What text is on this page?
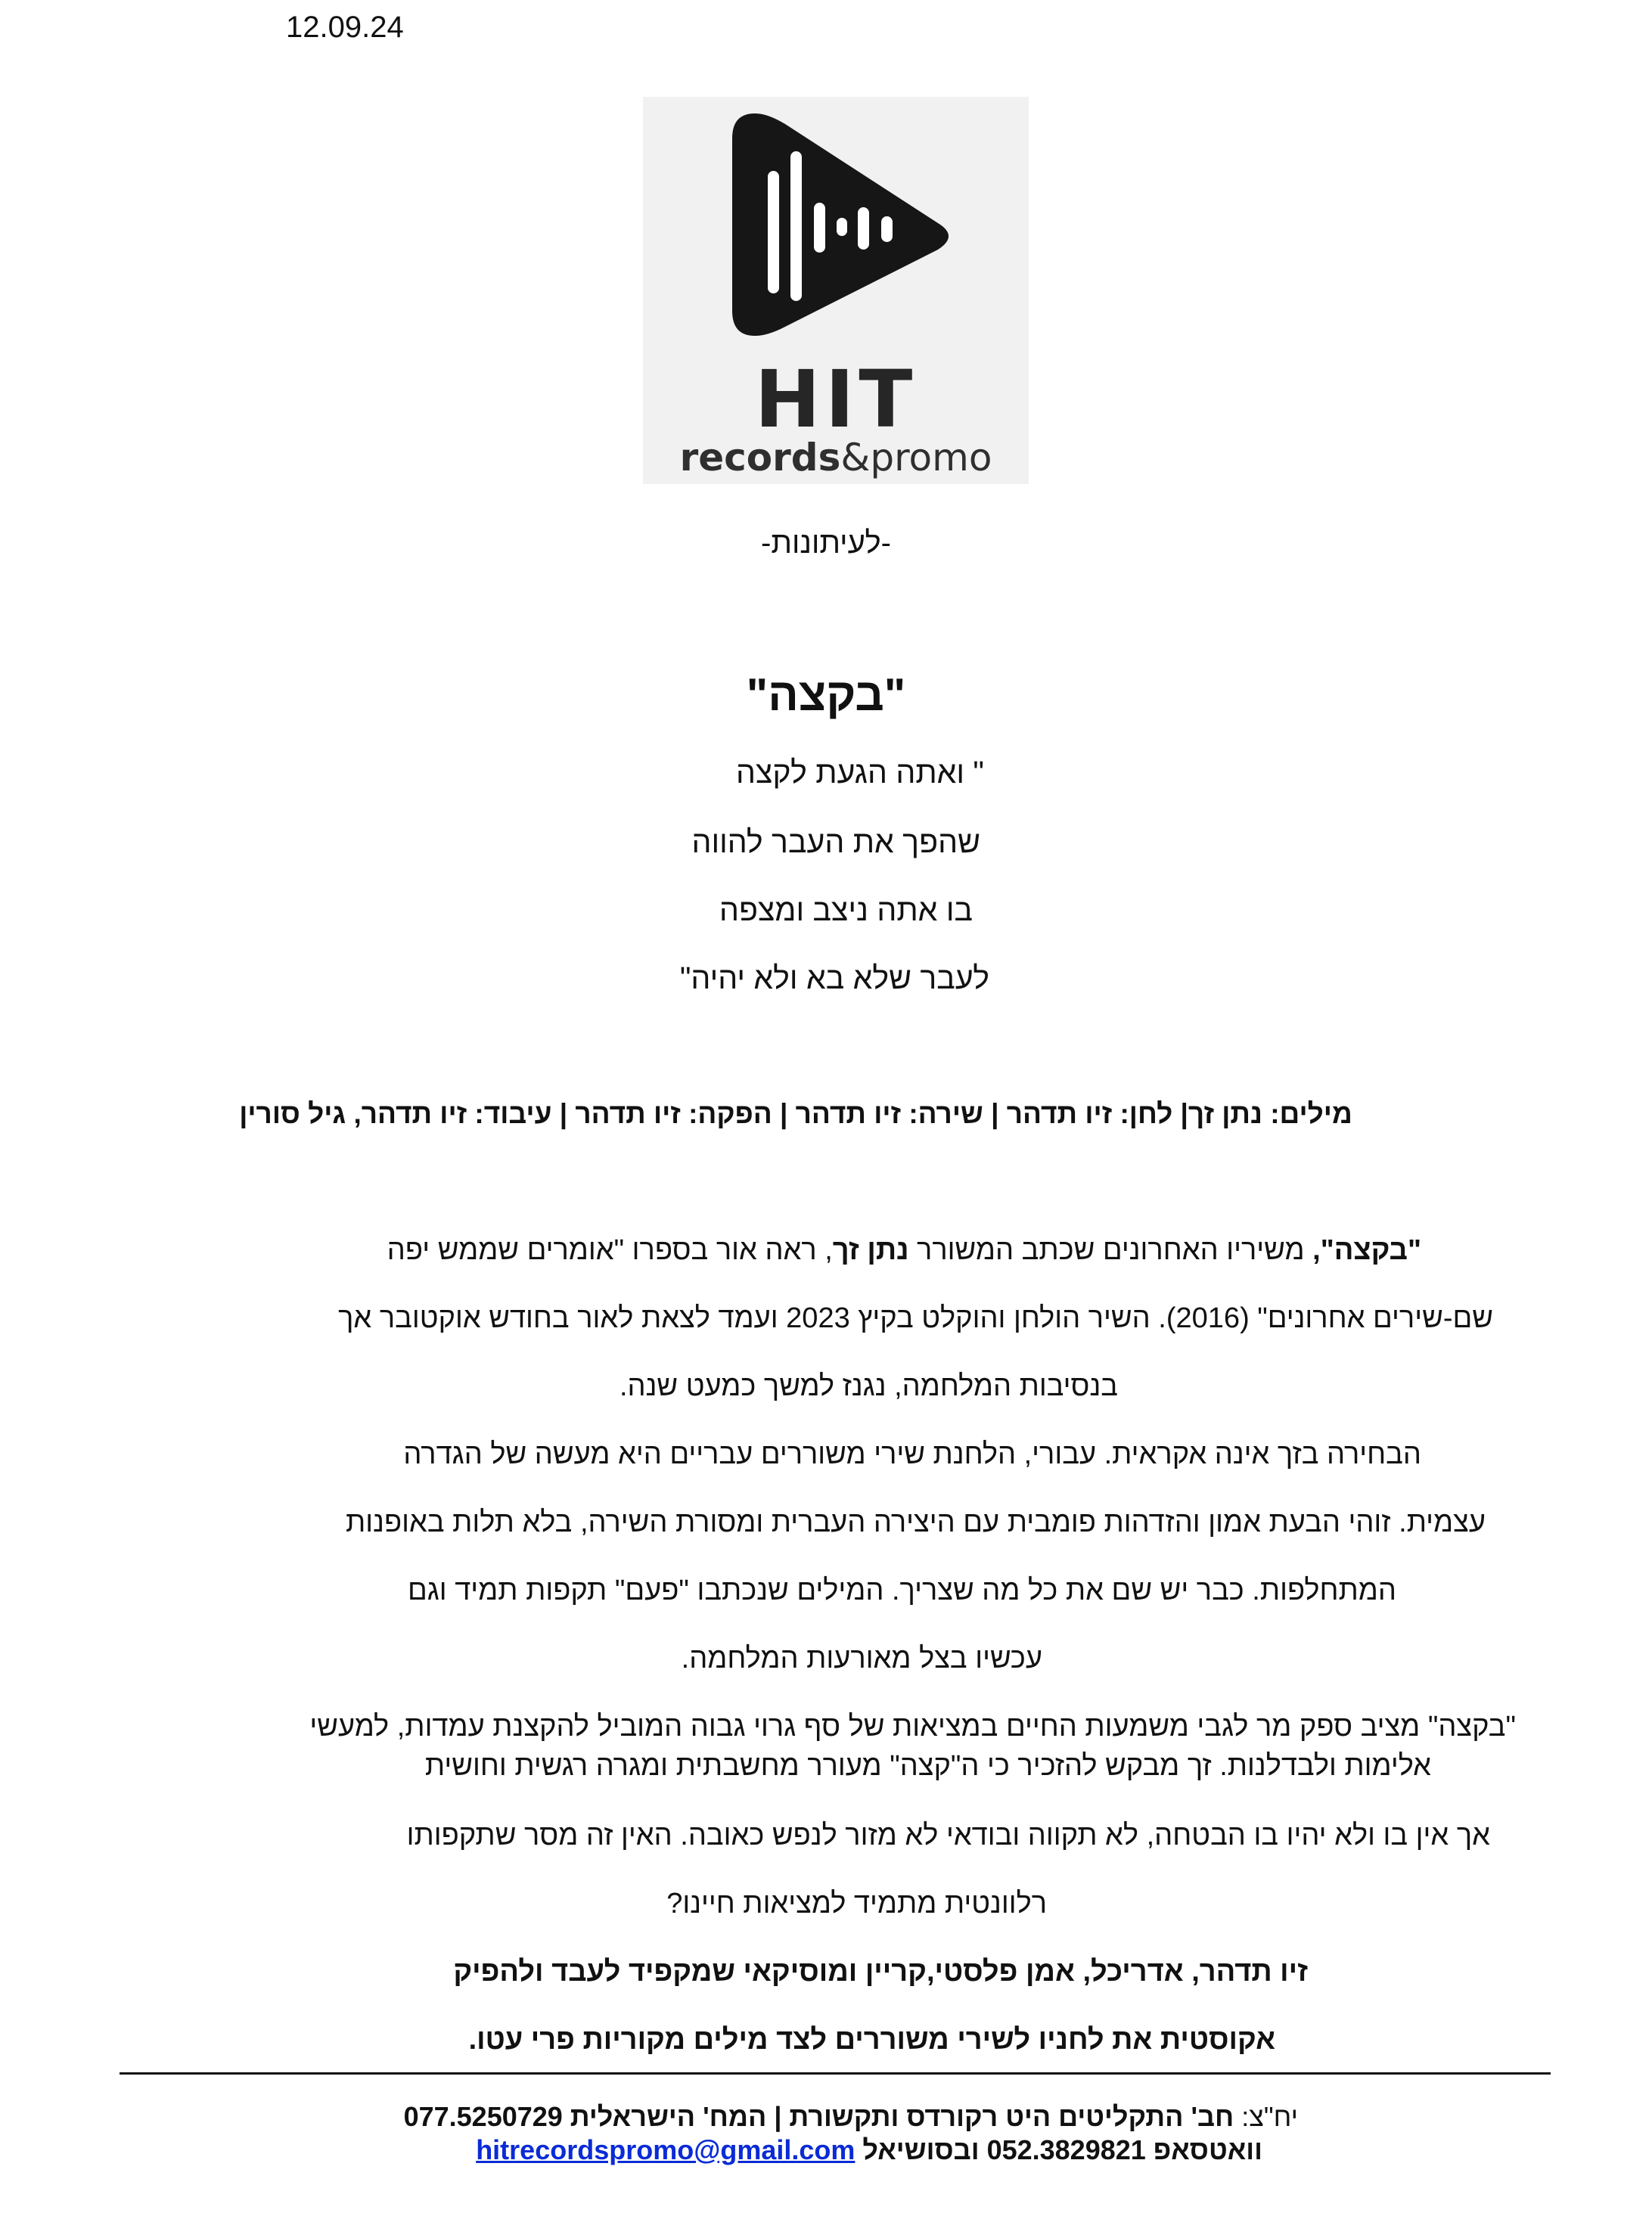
12.09.24
HIT
records&promo
-לעיתונות-
"בקצה"
" ואתה הגעת לקצה
שהפך את העבר להווה
בו אתה ניצב ומצפה
לעבר שלא בא ולא יהיה"
מילים: נתן זך| לחן: זיו תדהר | שירה: זיו תדהר | הפקה: זיו תדהר | עיבוד: זיו תדהר, גיל סורין
"בקצה", משיריו האחרונים שכתב המשורר נתן זך, ראה אור בספרו "אומרים שממש יפה
שם-שירים אחרונים" (2016). השיר הולחן והוקלט בקיץ 2023 ועמד לצאת לאור בחודש אוקטובר אך
בנסיבות המלחמה, נגנז למשך כמעט שנה.
הבחירה בזך אינה אקראית. עבורי, הלחנת שירי משוררים עבריים היא מעשה של הגדרה
עצמית. זוהי הבעת אמון והזדהות פומבית עם היצירה העברית ומסורת השירה, בלא תלות באופנות
המתחלפות. כבר יש שם את כל מה שצריך. המילים שנכתבו "פעם" תקפות תמיד וגם
עכשיו בצל מאורעות המלחמה.
"בקצה" מציב ספק מר לגבי משמעות החיים במציאות של סף גרוי גבוה המוביל להקצנת עמדות, למעשי
אלימות ולבדלנות. זך מבקש להזכיר כי ה"קצה" מעורר מחשבתית ומגרה רגשית וחושית
אך אין בו ולא יהיו בו הבטחה, לא תקווה ובודאי לא מזור לנפש כאובה. האין זה מסר שתקפותו
רלוונטית מתמיד למציאות חיינו?
זיו תדהר, אדריכל, אמן פלסטי,קריין ומוסיקאי שמקפיד לעבד ולהפיק
אקוסטית את לחניו לשירי משוררים לצד מילים מקוריות פרי עטו.
יח"צ: חב' התקליטים היט רקורדס ותקשורת | המח' הישראלית 077.5250729
וואטסאפ 052.3829821 ובסושיאל hitrecordspromo@gmail.com
